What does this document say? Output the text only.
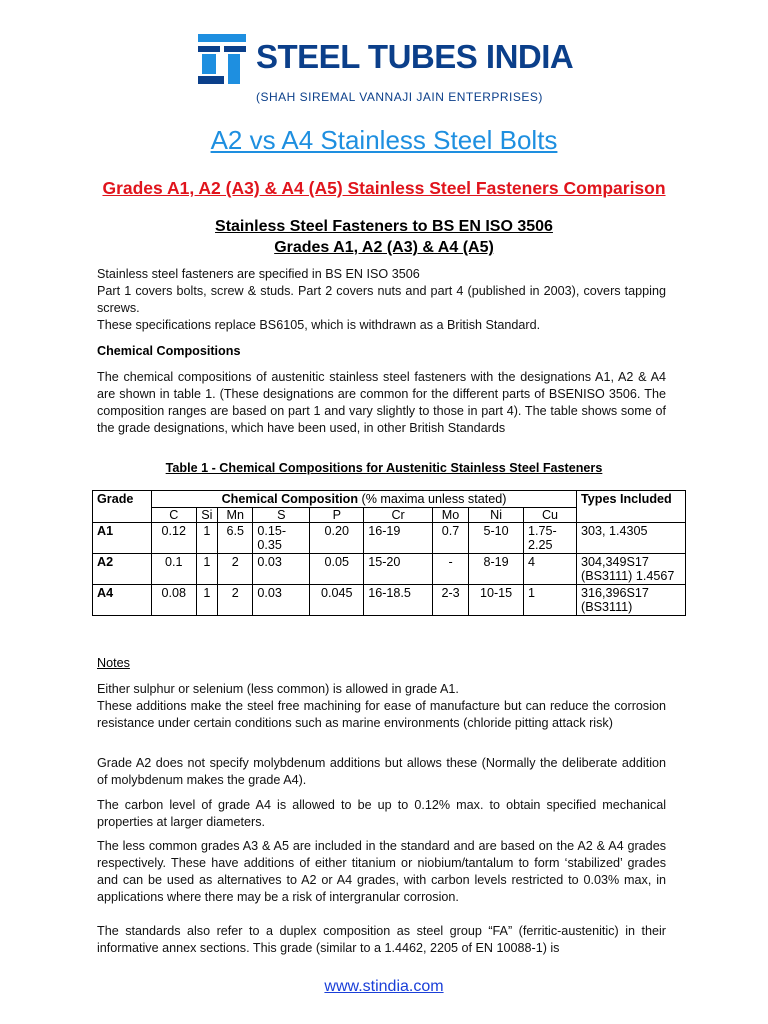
STEEL TUBES INDIA
(SHAH SIREMAL VANNAJI JAIN ENTERPRISES)
A2 vs A4 Stainless Steel Bolts
Grades A1, A2 (A3) & A4 (A5) Stainless Steel Fasteners Comparison
Stainless Steel Fasteners to BS EN ISO 3506
Grades A1, A2 (A3) & A4 (A5)

Stainless steel fasteners are specified in BS EN ISO 3506

Part 1 covers bolts, screw & studs. Part 2 covers nuts and part 4 (published in 2003), covers tapping screws.

These specifications replace BS6105, which is withdrawn as a British Standard.

Chemical Compositions

The chemical compositions of austenitic stainless steel fasteners with the designations A1, A2 & A4 are shown in table 1. (These designations are common for the different parts of BSENISO 3506. The composition ranges are based on part 1 and vary slightly to those in part 4). The table shows some of the grade designations, which have been used, in other British Standards

Table 1 - Chemical Compositions for Austenitic Stainless Steel Fasteners
Grade	Chemical Composition (% maxima unless stated)									Types Included
	C	Si	Mn	S	P	Cr	Mo	Ni	Cu	
A1	0.12	1	6.5	0.15-0.35	0.20	16-19	0.7	5-10	1.75-2.25	303, 1.4305
A2	0.1	1	2	0.03	0.05	15-20	-	8-19	4	304,349S17 (BS3111) 1.4567
A4	0.08	1	2	0.03	0.045	16-18.5	2-3	10-15	1	316,396S17 (BS3111)
Notes

Either sulphur or selenium (less common) is allowed in grade A1.

These additions make the steel free machining for ease of manufacture but can reduce the corrosion resistance under certain conditions such as marine environments (chloride pitting attack risk)

Grade A2 does not specify molybdenum additions but allows these (Normally the deliberate addition of molybdenum makes the grade A4).

The carbon level of grade A4 is allowed to be up to 0.12% max. to obtain specified mechanical properties at larger diameters.

The less common grades A3 & A5 are included in the standard and are based on the A2 & A4 grades respectively. These have additions of either titanium or niobium/tantalum to form ‘stabilized’ grades and can be used as alternatives to A2 or A4 grades, with carbon levels restricted to 0.03% max, in applications where there may be a risk of intergranular corrosion.

The standards also refer to a duplex composition as steel group “FA” (ferritic-austenitic) in their informative annex sections. This grade (similar to a 1.4462, 2205 of EN 10088-1) is

www.stindia.com
